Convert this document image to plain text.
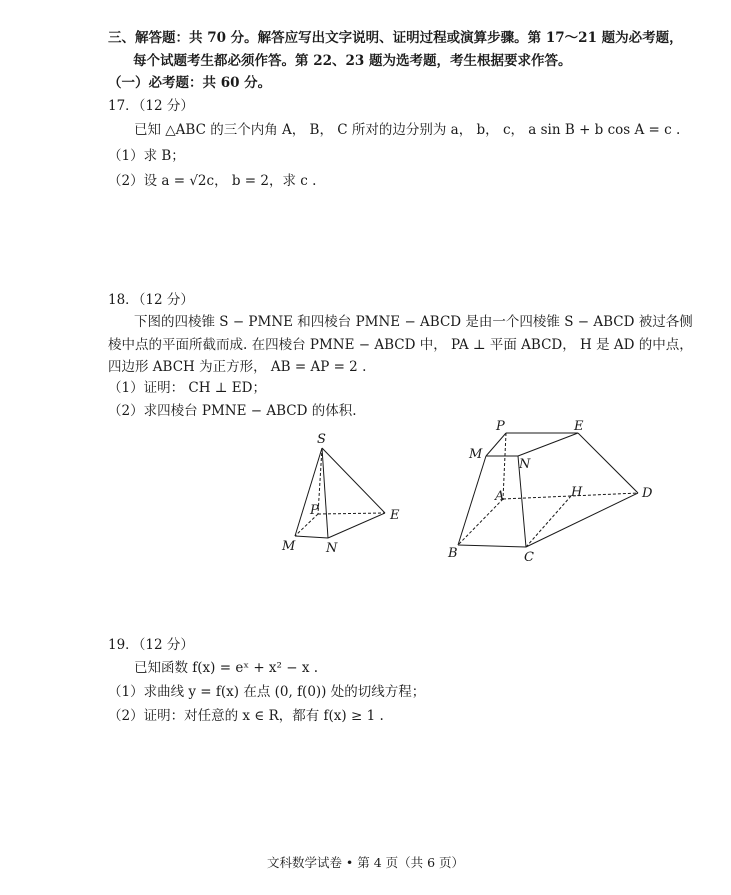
三、解答题：共 70 分。解答应写出文字说明、证明过程或演算步骤。第 17～21 题为必考题，
每个试题考生都必须作答。第 22、23 题为选考题，考生根据要求作答。
（一）必考题：共 60 分。
17．（12 分）
已知 △ABC 的三个内角 A， B， C 所对的边分别为 a， b， c， a sin B + b cos A = c .
（1）求 B；
（2）设 a = √2c， b = 2，求 c .
18．（12 分）
下图的四棱锥 S − PMNE 和四棱台 PMNE − ABCD 是由一个四棱锥 S − ABCD 被过各侧
棱中点的平面所截而成. 在四棱台 PMNE − ABCD 中， PA ⊥ 平面 ABCD， H 是 AD 的中点，
四边形 ABCH 为正方形， AB = AP = 2 .
（1）证明： CH ⊥ ED；
（2）求四棱台 PMNE − ABCD 的体积.
S
P
M N
E
P	E
M
N
A	H	D
B	C
19．（12 分）
已知函数 f(x) = eˣ + x² − x .
（1）求曲线 y = f(x) 在点 (0, f(0)) 处的切线方程；
（2）证明：对任意的 x ∈ R，都有 f(x) ≥ 1 .
文科数学试卷 • 第 4 页（共 6 页）
